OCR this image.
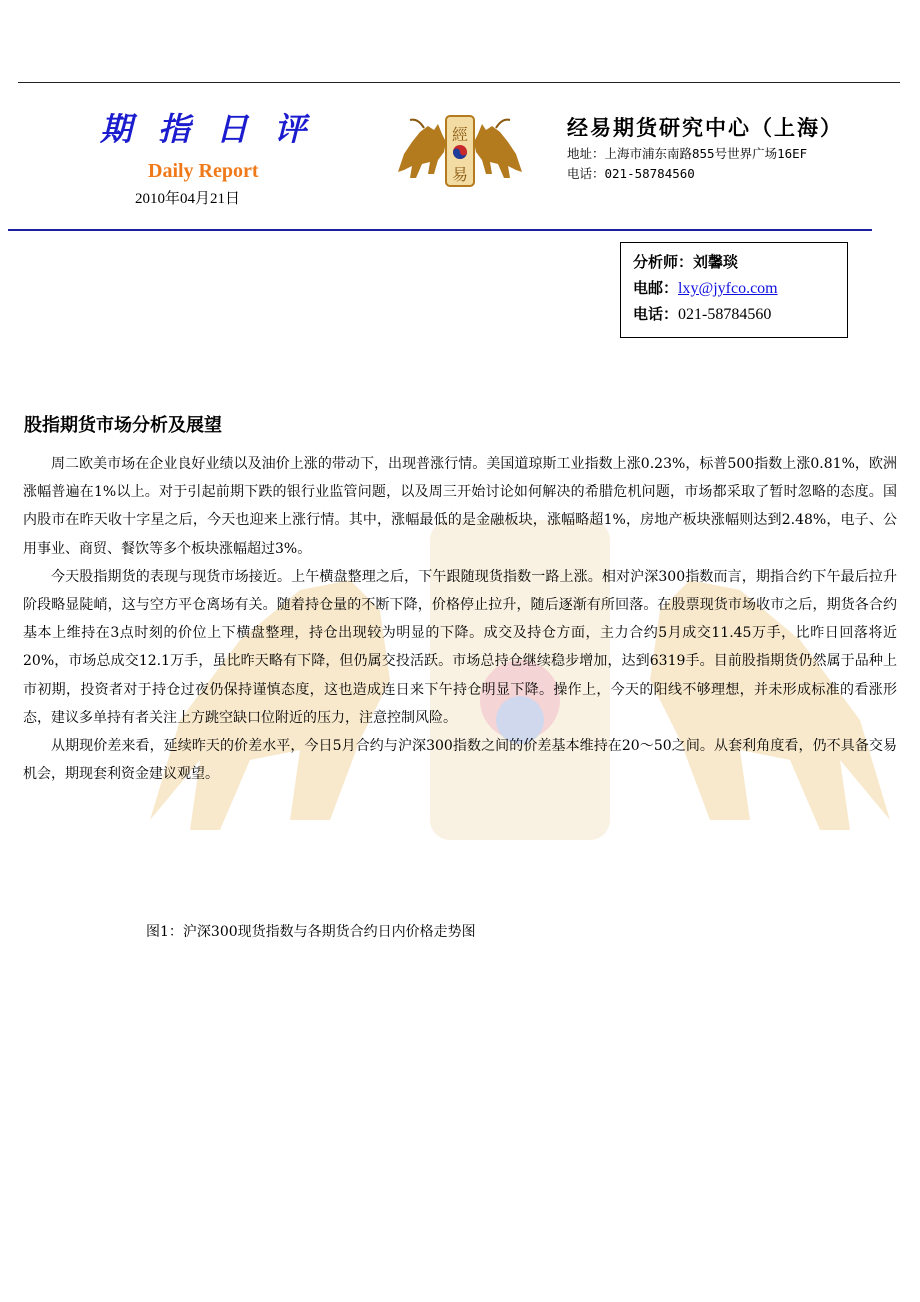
期指日评
Daily Report
2010年04月21日
經
易
经易期货研究中心（上海）
地址：上海市浦东南路855号世界广场16EF
电话：021-58784560
分析师：刘馨琰
电邮：lxy@jyfco.com
电话：021-58784560
股指期货市场分析及展望

周二欧美市场在企业良好业绩以及油价上涨的带动下，出现普涨行情。美国道琼斯工业指数上涨0.23%，标普500指数上涨0.81%，欧洲涨幅普遍在1%以上。对于引起前期下跌的银行业监管问题，以及周三开始讨论如何解决的希腊危机问题，市场都采取了暂时忽略的态度。国内股市在昨天收十字星之后，今天也迎来上涨行情。其中，涨幅最低的是金融板块，涨幅略超1%，房地产板块涨幅则达到2.48%，电子、公用事业、商贸、餐饮等多个板块涨幅超过3%。

今天股指期货的表现与现货市场接近。上午横盘整理之后，下午跟随现货指数一路上涨。相对沪深300指数而言，期指合约下午最后拉升阶段略显陡峭，这与空方平仓离场有关。随着持仓量的不断下降，价格停止拉升，随后逐渐有所回落。在股票现货市场收市之后，期货各合约基本上维持在3点时刻的价位上下横盘整理，持仓出现较为明显的下降。成交及持仓方面，主力合约5月成交11.45万手，比昨日回落将近20%，市场总成交12.1万手，虽比昨天略有下降，但仍属交投活跃。市场总持仓继续稳步增加，达到6319手。目前股指期货仍然属于品种上市初期，投资者对于持仓过夜仍保持谨慎态度，这也造成连日来下午持仓明显下降。操作上，今天的阳线不够理想，并未形成标准的看涨形态，建议多单持有者关注上方跳空缺口位附近的压力，注意控制风险。

从期现价差来看，延续昨天的价差水平，今日5月合约与沪深300指数之间的价差基本维持在20～50之间。从套利角度看，仍不具备交易机会，期现套利资金建议观望。

图1：沪深300现货指数与各期货合约日内价格走势图
